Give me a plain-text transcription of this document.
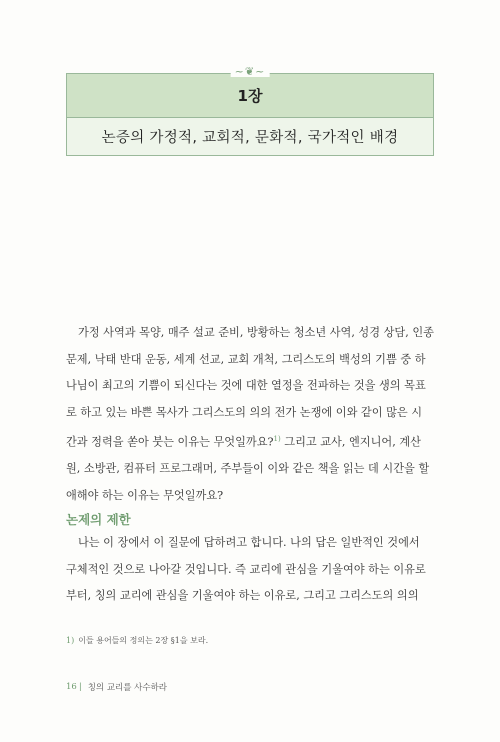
~❦~
1장
논증의 가정적, 교회적, 문화적, 국가적인 배경

가정 사역과 목양, 매주 설교 준비, 방황하는 청소년 사역, 성경 상담, 인종
문제, 낙태 반대 운동, 세계 선교, 교회 개척, 그리스도의 백성의 기쁨 중 하
나님이 최고의 기쁨이 되신다는 것에 대한 열정을 전파하는 것을 생의 목표
로 하고 있는 바쁜 목사가 그리스도의 의의 전가 논쟁에 이와 같이 많은 시
간과 정력을 쏟아 붓는 이유는 무엇일까요?$^{1)}$ 그리고 교사, 엔지니어, 계산
원, 소방관, 컴퓨터 프로그래머, 주부들이 이와 같은 책을 읽는 데 시간을 할
애해야 하는 이유는 무엇일까요?

논제의 제한

나는 이 장에서 이 질문에 답하려고 합니다. 나의 답은 일반적인 것에서
구체적인 것으로 나아갈 것입니다. 즉 교리에 관심을 기울여야 하는 이유로
부터, 칭의 교리에 관심을 기울여야 하는 이유로, 그리고 그리스도의 의의

1) 이들 용어들의 정의는 2장 §1을 보라.
16 | 칭의 교리를 사수하라
